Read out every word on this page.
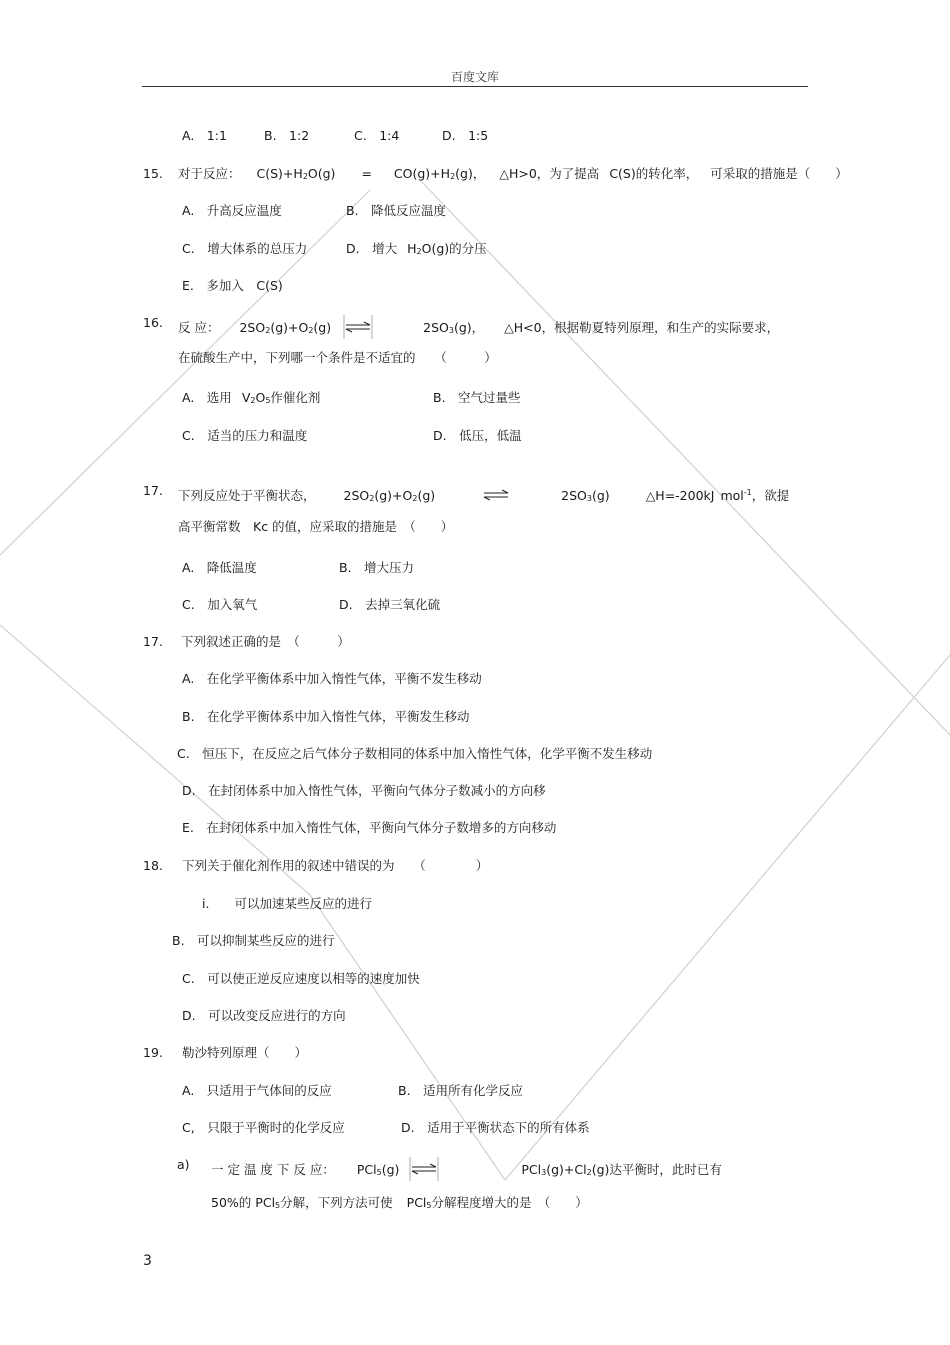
百度文库
A.　1:1	B.　1:2	C.　1:4	D.　1:5
15. 对于反应： $C(S)+H_2O(g) = CO(g)+H_2(g)$， △H>0，为了提高 C(S)的转化率， 可采取的措施是（　　）
A.　升高反应温度	B.　降低反应温度
C.　增大体系的总压力	D.　增大 $H_2O(g)$的分压
E.　多加入　C(S)
16. 反 应： $2SO_2(g)+O_2(g)$ ⇌	$2SO_3(g)$， △H<0，根据勒夏特列原理，和生产的实际要求，
在硫酸生产中，下列哪一个条件是不适宜的　　（　　　）
A.　选用 $V_2O_5$作催化剂	B.　空气过量些
C.　适当的压力和温度	D.　低压，低温
17. 下列反应处于平衡状态， $2SO_2(g)+O_2(g)$	$2SO_3(g)$	△H=-200kJ mol$^{-1}$，欲提
高平衡常数　Kc 的值，应采取的措施是　（　　）
A.　降低温度	B.　增大压力
C.　加入氧气	D.　去掉三氧化硫
17. 下列叙述正确的是　（　　　）
A.　在化学平衡体系中加入惰性气体，平衡不发生移动
B.　在化学平衡体系中加入惰性气体，平衡发生移动
C.　恒压下，在反应之后气体分子数相同的体系中加入惰性气体，化学平衡不发生移动
D.　在封闭体系中加入惰性气体，平衡向气体分子数减小的方向移
E.　在封闭体系中加入惰性气体，平衡向气体分子数增多的方向移动
18. 下列关于催化剂作用的叙述中错误的为　　（　　　　）
i.　　可以加速某些反应的进行
B.　可以抑制某些反应的进行
C.　可以使正逆反应速度以相等的速度加快
D.　可以改变反应进行的方向
19. 勒沙特列原理（　　）
A.　只适用于气体间的反应	B.　适用所有化学反应
C,　只限于平衡时的化学反应	D.　适用于平衡状态下的所有体系
a) 一 定 温 度 下 反 应： PCl$_5$(g) ⇌	$PCl_3(g)+Cl_2(g)$达平衡时，此时已有
50%的 PCl$_5$分解，下列方法可使 PCl$_5$分解程度增大的是　（　　）
3
